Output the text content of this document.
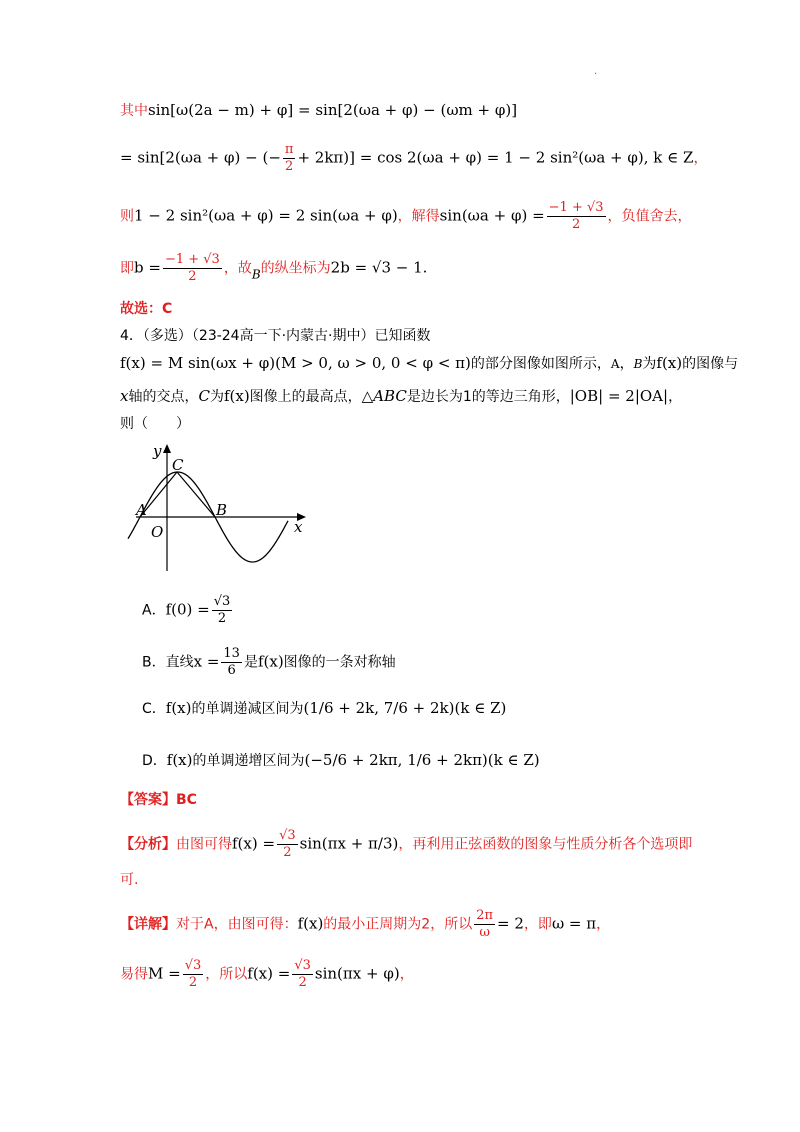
.
其中sin[ω(2a − m) + φ] = sin[2(ωa + φ) − (ωm + φ)]
= sin[2(ωa + φ) − (− $\frac{\pi}{2} + 2k\pi)] = \cos 2(\omega a + \varphi) = 1 - 2$ sin²(ωa + φ), k ∈ Z，
则1 − 2 sin²(ωa + φ) = 2 sin(ωa + φ)，解得$\sin(\omega a + \varphi) = \frac{-1 + √3}{2}$ ，负值舍去，
即$b = \frac{-1 + √3}{2}$ ，故B的纵坐标为2b = √3 − 1.
故选：C
4．（多选）（23-24高一下·内蒙古·期中）已知函数
f(x) = M sin(ωx + φ)(M > 0, ω > 0, 0 < φ < π)的部分图像如图所示，A，B为f(x)的图像与
x轴的交点，C为f(x)图像上的最高点，△ABC是边长为1的等边三角形，|OB| = 2|OA|，
则（　　）
y
x
C
A	B
O
A．$f(0) = \frac{√3}{2}$
B．直线$x = \frac{13}{6}$ 是f(x)图像的一条对称轴
C．f(x)的单调递减区间为(1/6 + 2k, 7/6 + 2k)(k ∈ Z)
D．f(x)的单调递增区间为(−5/6 + 2kπ, 1/6 + 2kπ)(k ∈ Z)
【答案】BC
【分析】由图可得$f(x) = \frac{√3}{2} \sin(\pi x + \pi/3)$，再利用正弦函数的图象与性质分析各个选项即
可.
【详解】对于A，由图可得：f(x)的最小正周期为2，所以 $\frac{2\pi}{\omega} = 2$，即ω = π，
易得$M = \frac{√3}{2}$ ，所以$f(x) = \frac{√3}{2} \sin(\pi x + \varphi)$，
